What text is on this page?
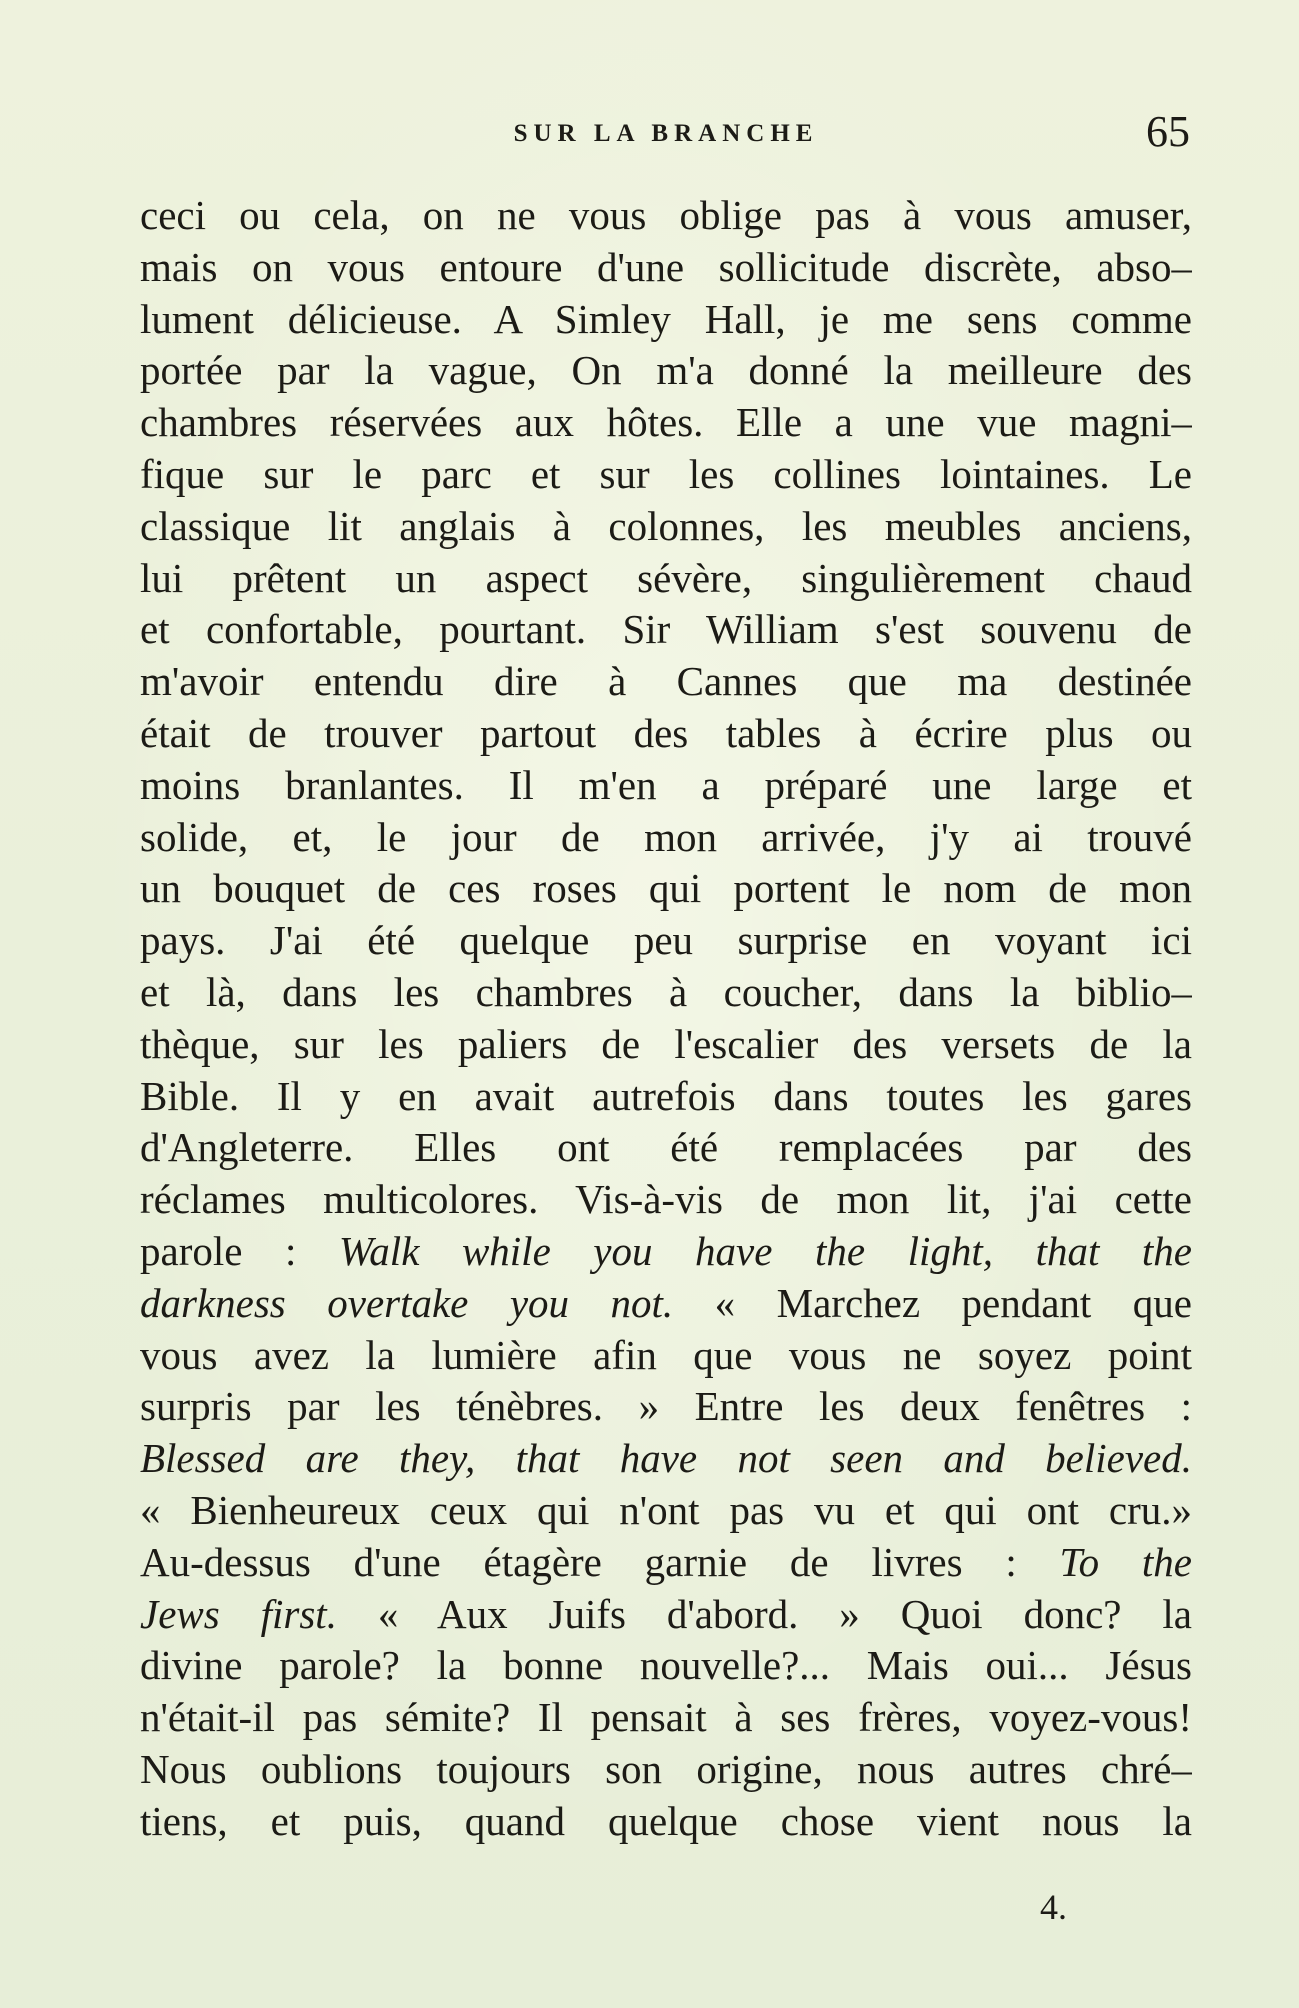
SUR LA BRANCHE	65
ceci ou cela, on ne vous oblige pas à vous amuser,
mais on vous entoure d'une sollicitude discrète, abso–
lument délicieuse. A Simley Hall, je me sens comme
portée par la vague, On m'a donné la meilleure des
chambres réservées aux hôtes. Elle a une vue magni–
fique sur le parc et sur les collines lointaines. Le
classique lit anglais à colonnes, les meubles anciens,
lui prêtent un aspect sévère, singulièrement chaud
et confortable, pourtant. Sir William s'est souvenu de
m'avoir entendu dire à Cannes que ma destinée
était de trouver partout des tables à écrire plus ou
moins branlantes. Il m'en a préparé une large et
solide, et, le jour de mon arrivée, j'y ai trouvé
un bouquet de ces roses qui portent le nom de mon
pays. J'ai été quelque peu surprise en voyant ici
et là, dans les chambres à coucher, dans la biblio–
thèque, sur les paliers de l'escalier des versets de la
Bible. Il y en avait autrefois dans toutes les gares
d'Angleterre. Elles ont été remplacées par des
réclames multicolores. Vis-à-vis de mon lit, j'ai cette
parole : Walk while you have the light, that the
darkness overtake you not. « Marchez pendant que
vous avez la lumière afin que vous ne soyez point
surpris par les ténèbres. » Entre les deux fenêtres :
Blessed are they, that have not seen and believed.
« Bienheureux ceux qui n'ont pas vu et qui ont cru.»
Au-dessus d'une étagère garnie de livres : To the
Jews first. « Aux Juifs d'abord. » Quoi donc? la
divine parole? la bonne nouvelle?... Mais oui... Jésus
n'était-il pas sémite? Il pensait à ses frères, voyez-vous!
Nous oublions toujours son origine, nous autres chré–
tiens, et puis, quand quelque chose vient nous la
4.
